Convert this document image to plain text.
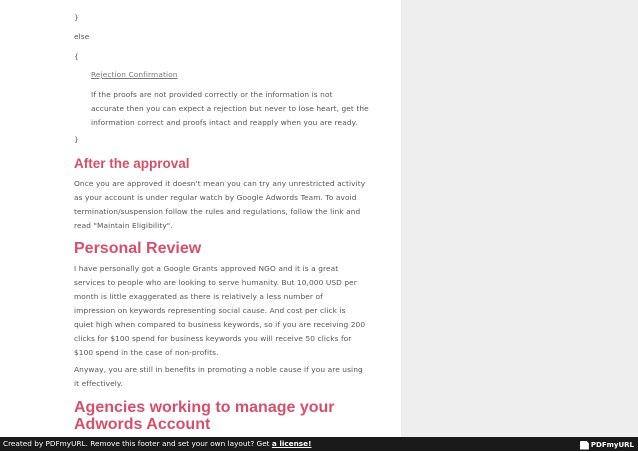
}
else
{
Rejection Confirmation
If the proofs are not provided correctly or the information is not
accurate then you can expect a rejection but never to lose heart, get the
information correct and proofs intact and reapply when you are ready.
}
After the approval
Once you are approved it doesn't mean you can try any unrestricted activity
as your account is under regular watch by Google Adwords Team. To avoid
termination/suspension follow the rules and regulations, follow the link and
read "Maintain Eligibility".
Personal Review
I have personally got a Google Grants approved NGO and it is a great
services to people who are looking to serve humanity. But 10,000 USD per
month is little exaggerated as there is relatively a less number of
impression on keywords representing social cause. And cost per click is
quiet high when compared to business keywords, so if you are receiving 200
clicks for $100 spend for business keywords you will receive 50 clicks for
$100 spend in the case of non-profits.
Anyway, you are still in benefits in promoting a noble cause if you are using
it effectively.
Agencies working to manage your
Adwords Account
Created by PDFmyURL. Remove this footer and set your own layout? Get a license!	PDFmyURL
